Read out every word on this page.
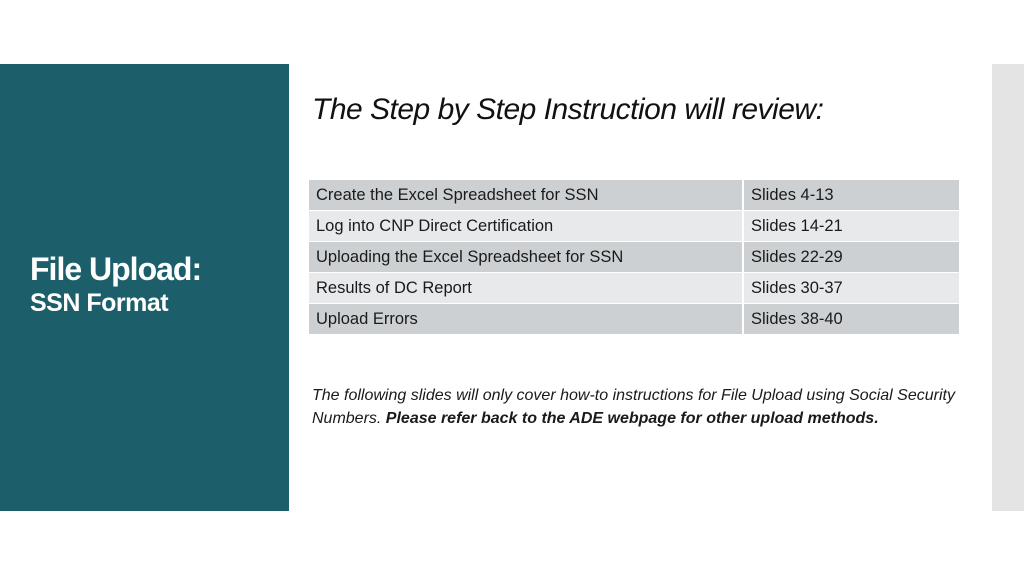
File Upload:
SSN Format
The Step by Step Instruction will review:
Create the Excel Spreadsheet for SSN	Slides 4-13
Log into CNP Direct Certification	Slides 14-21
Uploading the Excel Spreadsheet for SSN	Slides 22-29
Results of DC Report	Slides 30-37
Upload Errors	Slides 38-40

The following slides will only cover how-to instructions for File Upload using Social Security Numbers. Please refer back to the ADE webpage for other upload methods.
